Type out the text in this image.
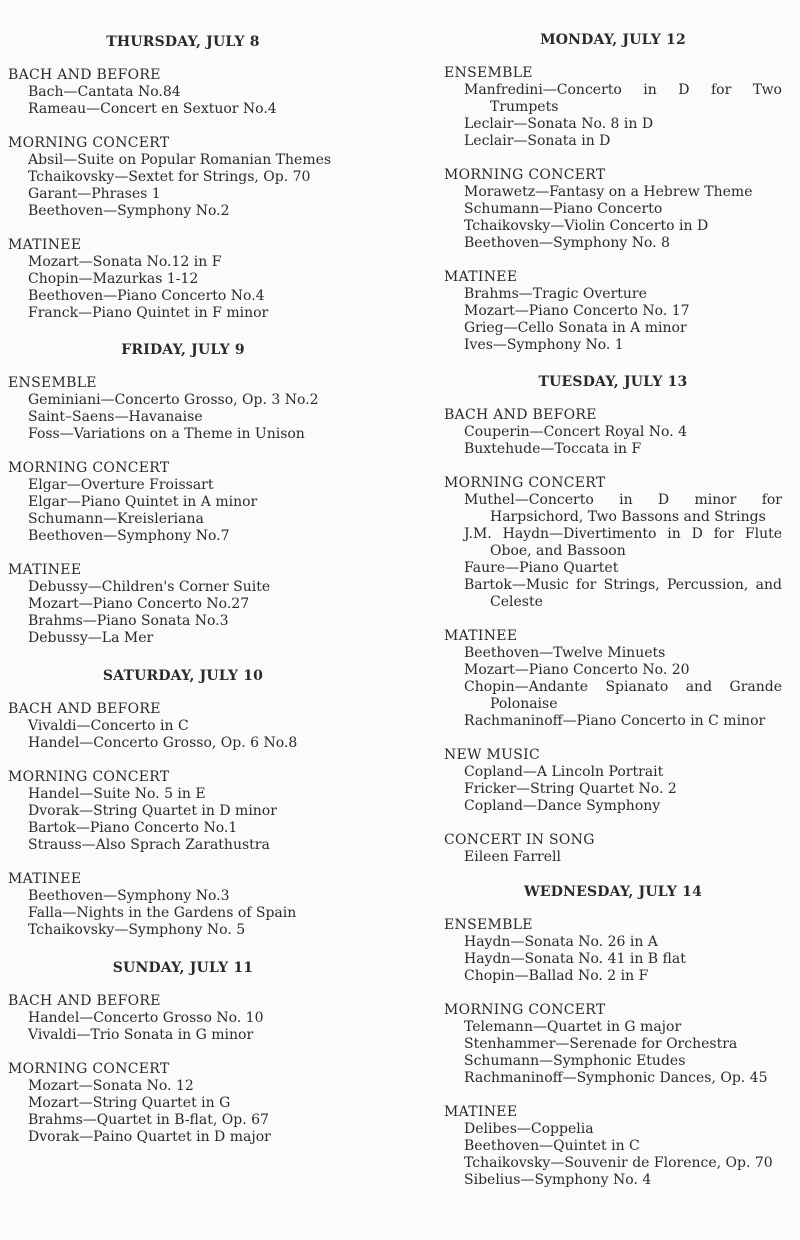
THURSDAY, JULY 8
BACH AND BEFORE
Bach—Cantata No.84
Rameau—Concert en Sextuor No.4
MORNING CONCERT
Absil—Suite on Popular Romanian Themes
Tchaikovsky—Sextet for Strings, Op. 70
Garant—Phrases 1
Beethoven—Symphony No.2
MATINEE
Mozart—Sonata No.12 in F
Chopin—Mazurkas 1-12
Beethoven—Piano Concerto No.4
Franck—Piano Quintet in F minor
FRIDAY, JULY 9
ENSEMBLE
Geminiani—Concerto Grosso, Op. 3 No.2
Saint–Saens—Havanaise
Foss—Variations on a Theme in Unison
MORNING CONCERT
Elgar—Overture Froissart
Elgar—Piano Quintet in A minor
Schumann—Kreisleriana
Beethoven—Symphony No.7
MATINEE
Debussy—Children's Corner Suite
Mozart—Piano Concerto No.27
Brahms—Piano Sonata No.3
Debussy—La Mer
SATURDAY, JULY 10
BACH AND BEFORE
Vivaldi—Concerto in C
Handel—Concerto Grosso, Op. 6 No.8
MORNING CONCERT
Handel—Suite No. 5 in E
Dvorak—String Quartet in D minor
Bartok—Piano Concerto No.1
Strauss—Also Sprach Zarathustra
MATINEE
Beethoven—Symphony No.3
Falla—Nights in the Gardens of Spain
Tchaikovsky—Symphony No. 5
SUNDAY, JULY 11
BACH AND BEFORE
Handel—Concerto Grosso No. 10
Vivaldi—Trio Sonata in G minor
MORNING CONCERT
Mozart—Sonata No. 12
Mozart—String Quartet in G
Brahms—Quartet in B-flat, Op. 67
Dvorak—Paino Quartet in D major
MONDAY, JULY 12
ENSEMBLE
Manfredini—Concerto in D for Two
Trumpets
Leclair—Sonata No. 8 in D
Leclair—Sonata in D
MORNING CONCERT
Morawetz—Fantasy on a Hebrew Theme
Schumann—Piano Concerto
Tchaikovsky—Violin Concerto in D
Beethoven—Symphony No. 8
MATINEE
Brahms—Tragic Overture
Mozart—Piano Concerto No. 17
Grieg—Cello Sonata in A minor
Ives—Symphony No. 1
TUESDAY, JULY 13
BACH AND BEFORE
Couperin—Concert Royal No. 4
Buxtehude—Toccata in F
MORNING CONCERT
Muthel—Concerto in D minor for
Harpsichord, Two Bassons and Strings
J.M. Haydn—Divertimento in D for Flute
Oboe, and Bassoon
Faure—Piano Quartet
Bartok—Music for Strings, Percussion, and
Celeste
MATINEE
Beethoven—Twelve Minuets
Mozart—Piano Concerto No. 20
Chopin—Andante Spianato and Grande
Polonaise
Rachmaninoff—Piano Concerto in C minor
NEW MUSIC
Copland—A Lincoln Portrait
Fricker—String Quartet No. 2
Copland—Dance Symphony
CONCERT IN SONG
Eileen Farrell
WEDNESDAY, JULY 14
ENSEMBLE
Haydn—Sonata No. 26 in A
Haydn—Sonata No. 41 in B flat
Chopin—Ballad No. 2 in F
MORNING CONCERT
Telemann—Quartet in G major
Stenhammer—Serenade for Orchestra
Schumann—Symphonic Etudes
Rachmaninoff—Symphonic Dances, Op. 45
MATINEE
Delibes—Coppelia
Beethoven—Quintet in C
Tchaikovsky—Souvenir de Florence, Op. 70
Sibelius—Symphony No. 4
